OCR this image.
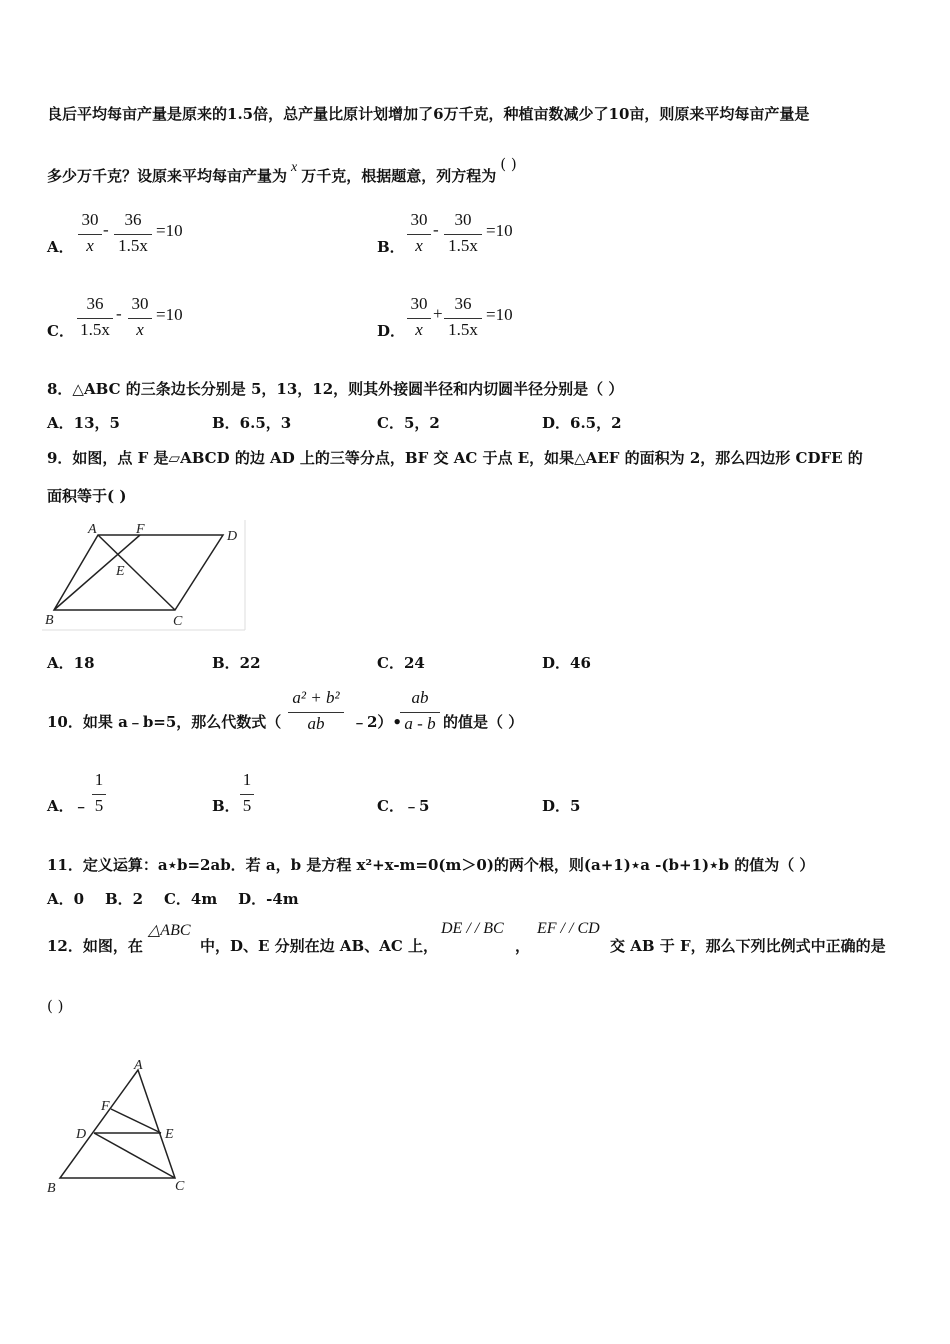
良后平均每亩产量是原来的1.5倍，总产量比原计划增加了6万千克，种植亩数减少了10亩，则原来平均每亩产量是
多少万千克？设原来平均每亩产量为 x 万千克，根据题意，列方程为( )
A．
30
x
-
36
1.5x
=10
B．
30
x
-
30
1.5x
=10
C．
36
1.5x
-
30
x
=10
D．
30
x
+
36
1.5x
=10
8．△ABC 的三条边长分别是 5，13，12，则其外接圆半径和内切圆半径分别是（ ）
A．13，5	B．6.5，3	C．5，2	D．6.5，2
9．如图，点 F 是▱ABCD 的边 AD 上的三等分点，BF 交 AC 于点 E，如果△AEF 的面积为 2，那么四边形 CDFE 的
面积等于( )
A	F	D
E
B	C
A．18	B．22	C．24	D．46
10．如果 a﹣b=5，那么代数式（
a² + b²
ab	﹣2）•
ab
a - b 的值是（ ）
A．﹣
1
5	B．
1
5	C．﹣5	D．5
11．定义运算：a⋆b=2ab．若 a，b 是方程 x²+x-m=0(m＞0)的两个根，则(a+1)⋆a -(b+1)⋆b 的值为（ ）
A．0    B．2    C．4m    D．-4m
12．如图，在
△ABC
中，D、E 分别在边 AB、AC 上，
DE / / BC
，
EF / / CD
交 AB 于 F，那么下列比例式中正确的是
( )
A
F
D	E
B	C
